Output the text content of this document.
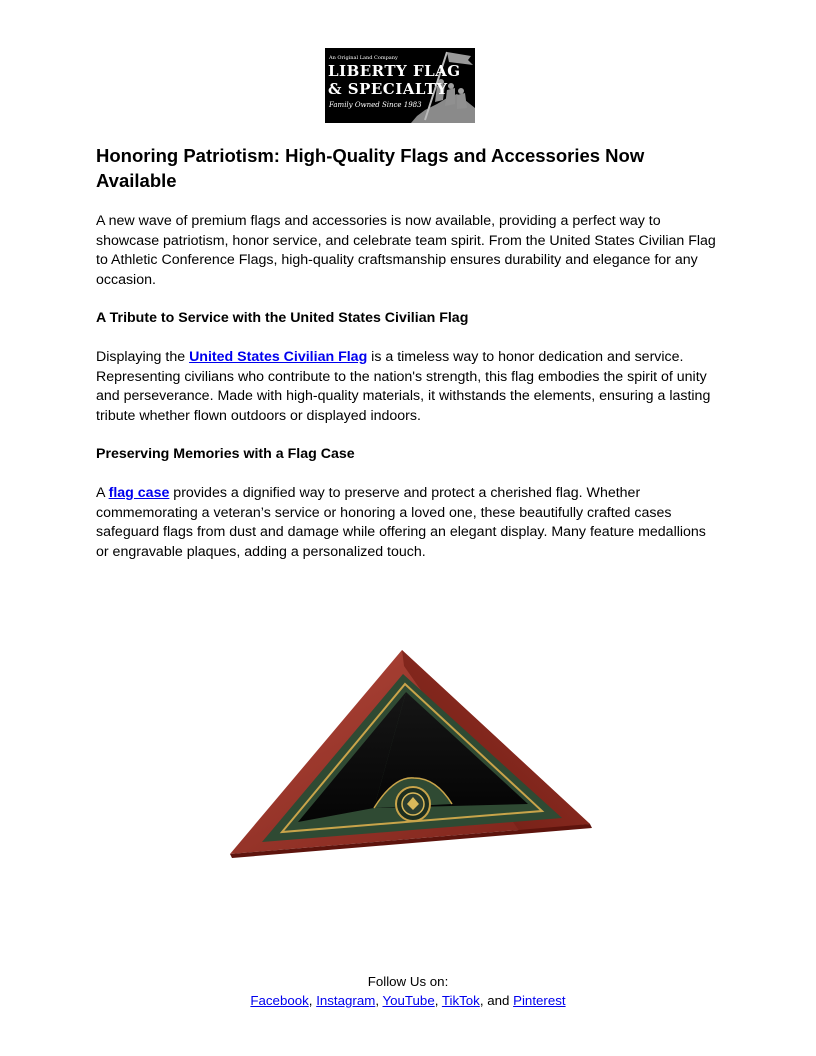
An Original Land Company
LIBERTY FLAG
& SPECIALTY
Family Owned Since 1983
Honoring Patriotism: High-Quality Flags and Accessories Now Available

A new wave of premium flags and accessories is now available, providing a perfect way to showcase patriotism, honor service, and celebrate team spirit. From the United States Civilian Flag to Athletic Conference Flags, high-quality craftsmanship ensures durability and elegance for any occasion.

A Tribute to Service with the United States Civilian Flag

Displaying the United States Civilian Flag is a timeless way to honor dedication and service. Representing civilians who contribute to the nation's strength, this flag embodies the spirit of unity and perseverance. Made with high-quality materials, it withstands the elements, ensuring a lasting tribute whether flown outdoors or displayed indoors.

Preserving Memories with a Flag Case

A flag case provides a dignified way to preserve and protect a cherished flag. Whether commemorating a veteran’s service or honoring a loved one, these beautifully crafted cases safeguard flags from dust and damage while offering an elegant display. Many feature medallions or engravable plaques, adding a personalized touch.

Follow Us on:
Facebook, Instagram, YouTube, TikTok, and Pinterest
